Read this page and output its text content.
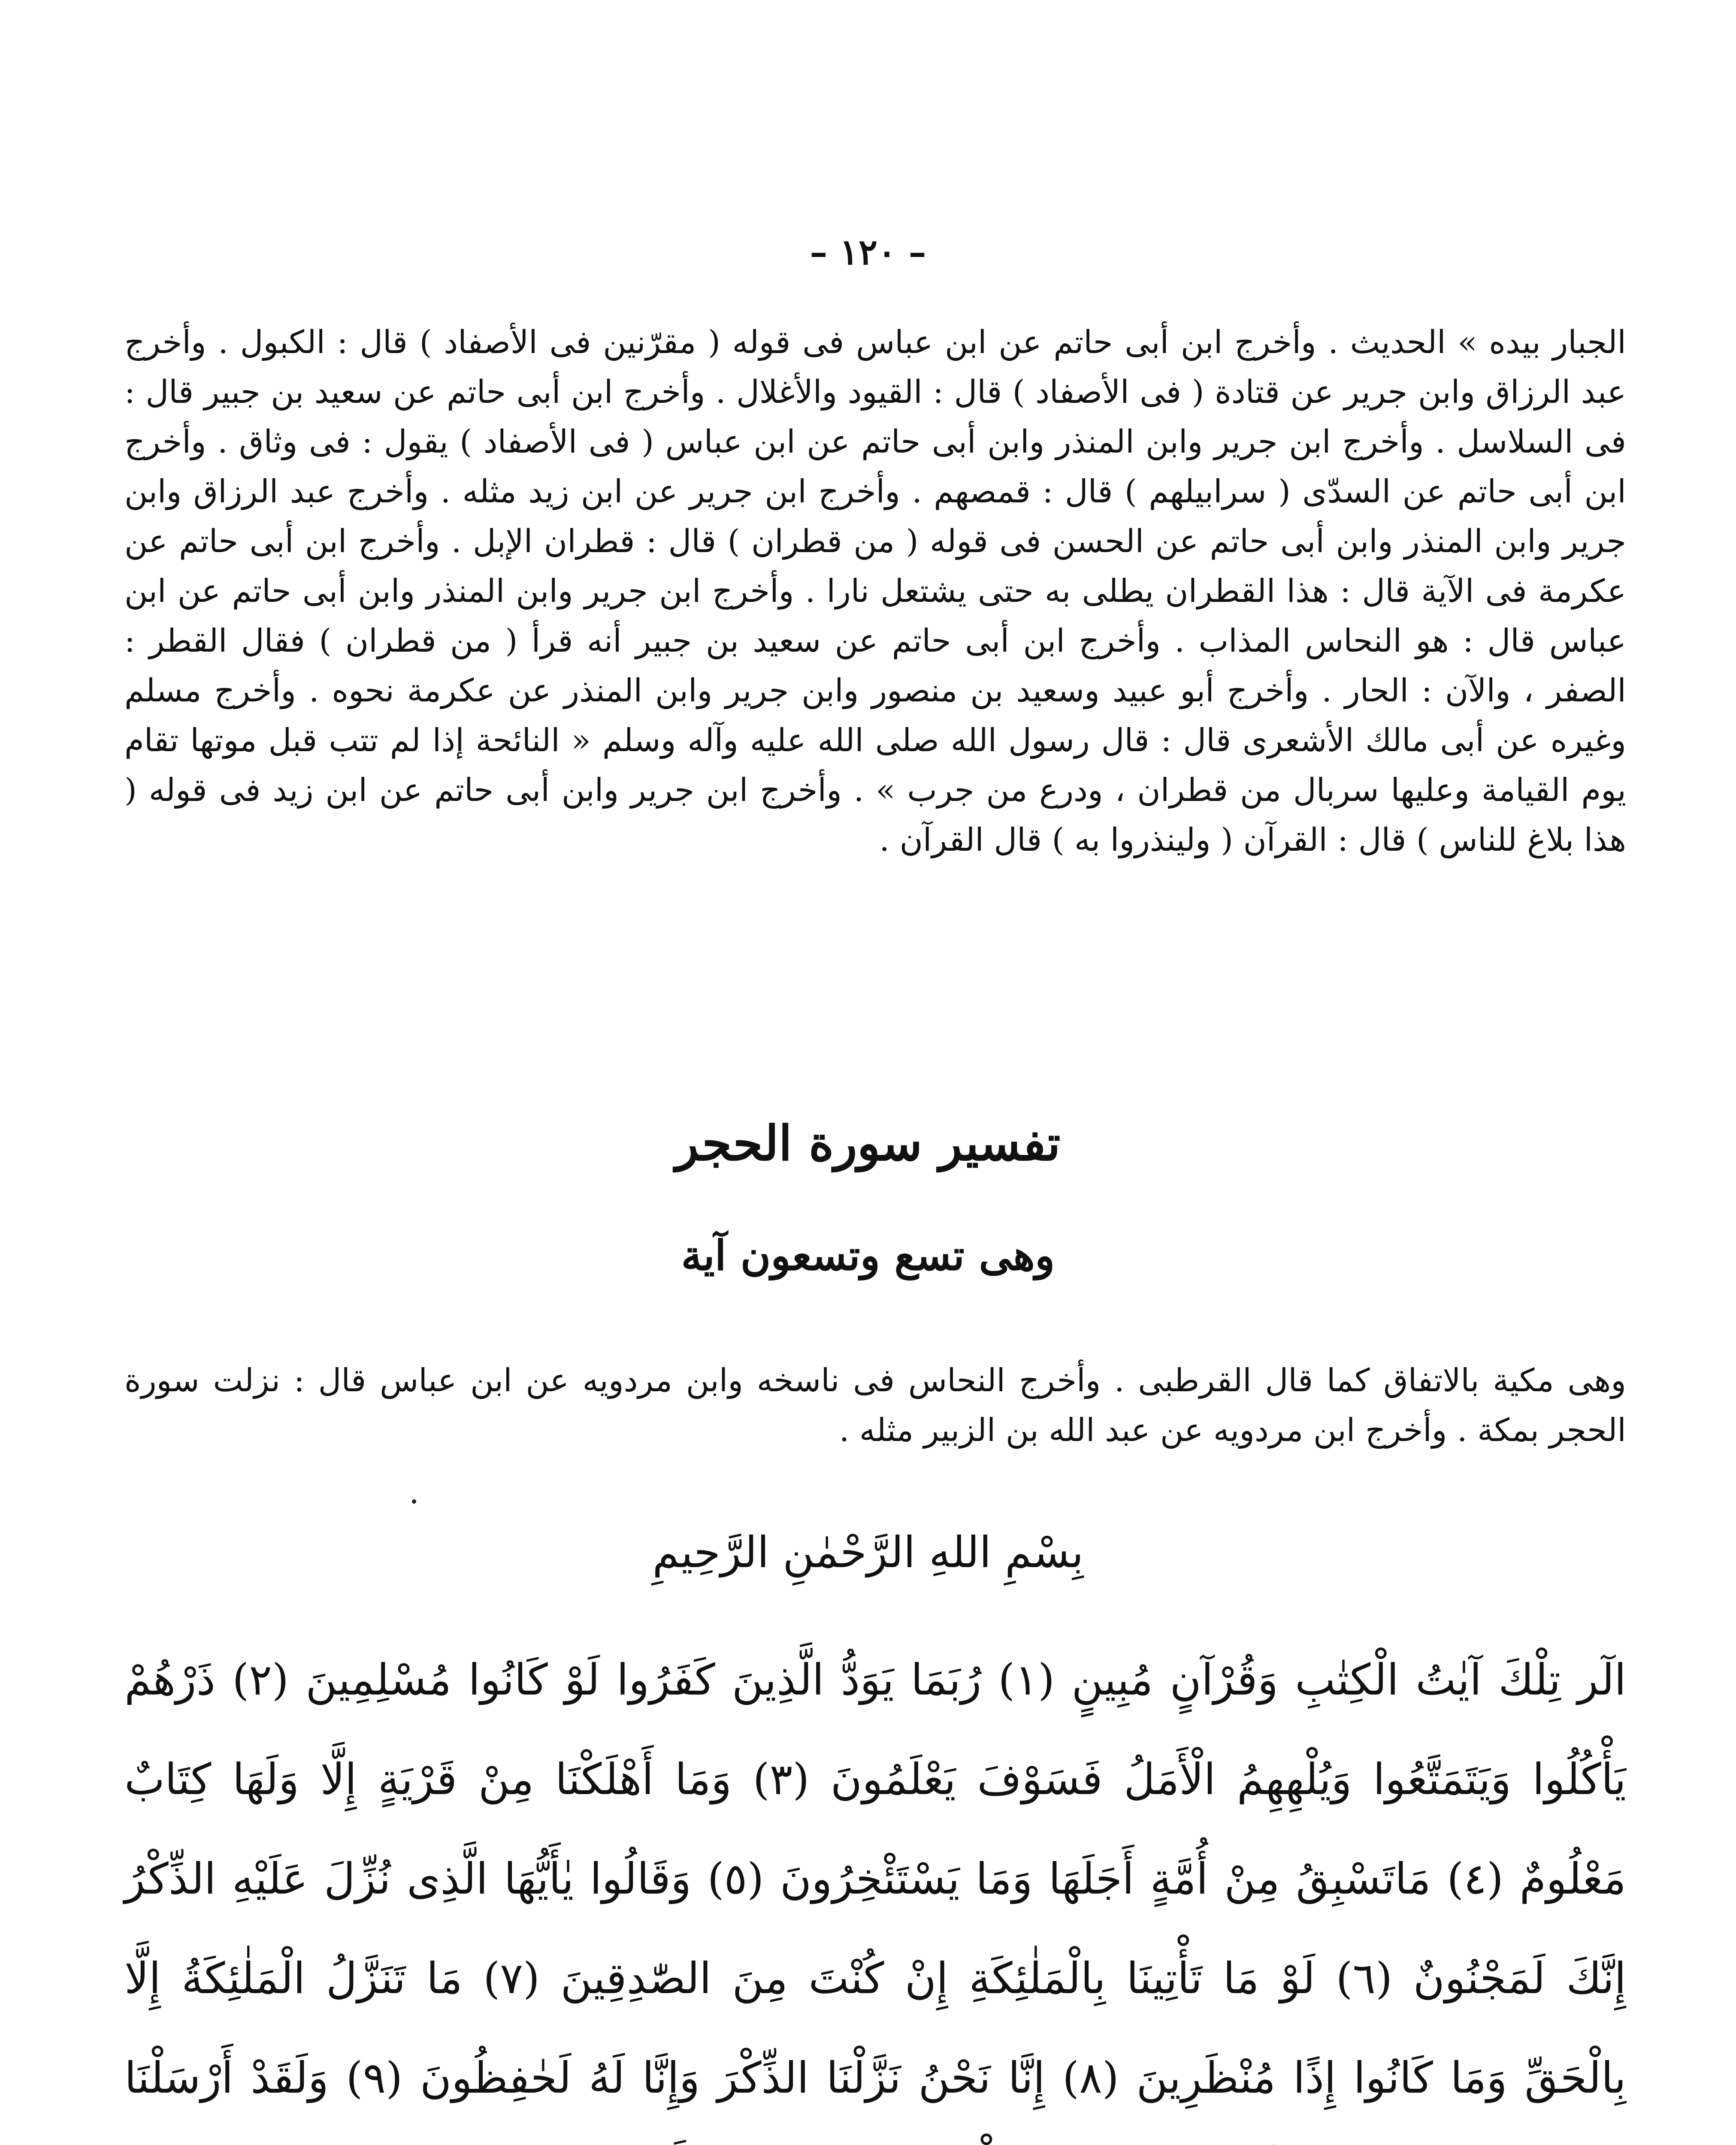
– ١٢٠ –

الجبار بيده » الحديث . وأخرج ابن أبى حاتم عن ابن عباس فى قوله ( مقرّنين فى الأصفاد ) قال : الكبول . وأخرج عبد الرزاق وابن جرير عن قتادة ( فى الأصفاد ) قال : القيود والأغلال . وأخرج ابن أبى حاتم عن سعيد بن جبير قال : فى السلاسل . وأخرج ابن جرير وابن المنذر وابن أبى حاتم عن ابن عباس ( فى الأصفاد ) يقول : فى وثاق . وأخرج ابن أبى حاتم عن السدّى ( سرابيلهم ) قال : قمصهم . وأخرج ابن جرير عن ابن زيد مثله . وأخرج عبد الرزاق وابن جرير وابن المنذر وابن أبى حاتم عن الحسن فى قوله ( من قطران ) قال : قطران الإبل . وأخرج ابن أبى حاتم عن عكرمة فى الآية قال : هذا القطران يطلى به حتى يشتعل نارا . وأخرج ابن جرير وابن المنذر وابن أبى حاتم عن ابن عباس قال : هو النحاس المذاب . وأخرج ابن أبى حاتم عن سعيد بن جبير أنه قرأ ( من قطران ) فقال القطر : الصفر ، والآن : الحار . وأخرج أبو عبيد وسعيد بن منصور وابن جرير وابن المنذر عن عكرمة نحوه . وأخرج مسلم وغيره عن أبى مالك الأشعرى قال : قال رسول الله صلى الله عليه وآله وسلم « النائحة إذا لم تتب قبل موتها تقام يوم القيامة وعليها سربال من قطران ، ودرع من جرب » . وأخرج ابن جرير وابن أبى حاتم عن ابن زيد فى قوله ( هذا بلاغ للناس ) قال : القرآن ( ولينذروا به ) قال القرآن .

تفسير سورة الحجر
وهى تسع وتسعون آية

وهى مكية بالاتفاق كما قال القرطبى . وأخرج النحاس فى ناسخه وابن مردويه عن ابن عباس قال : نزلت سورة الحجر بمكة . وأخرج ابن مردويه عن عبد الله بن الزبير مثله .

بِسْمِ اللهِ الرَّحْمٰنِ الرَّحِيمِ

الٓر تِلْكَ آيٰتُ الْكِتٰبِ وَقُرْآنٍ مُبِينٍ (١) رُبَمَا يَوَدُّ الَّذِينَ كَفَرُوا لَوْ كَانُوا مُسْلِمِينَ (٢) ذَرْهُمْ يَأْكُلُوا وَيَتَمَتَّعُوا وَيُلْهِهِمُ الْأَمَلُ فَسَوْفَ يَعْلَمُونَ (٣) وَمَا أَهْلَكْنَا مِنْ قَرْيَةٍ إِلَّا وَلَهَا كِتَابٌ مَعْلُومٌ (٤) مَاتَسْبِقُ مِنْ أُمَّةٍ أَجَلَهَا وَمَا يَسْتَئْخِرُونَ (٥) وَقَالُوا يٰأَيُّهَا الَّذِى نُزِّلَ عَلَيْهِ الذِّكْرُ إِنَّكَ لَمَجْنُونٌ (٦) لَوْ مَا تَأْتِينَا بِالْمَلٰئِكَةِ إِنْ كُنْتَ مِنَ الصّٰدِقِينَ (٧) مَا تَنَزَّلُ الْمَلٰئِكَةُ إِلَّا بِالْحَقِّ وَمَا كَانُوا إِذًا مُنْظَرِينَ (٨) إِنَّا نَحْنُ نَزَّلْنَا الذِّكْرَ وَإِنَّا لَهُ لَحٰفِظُونَ (٩) وَلَقَدْ أَرْسَلْنَا
